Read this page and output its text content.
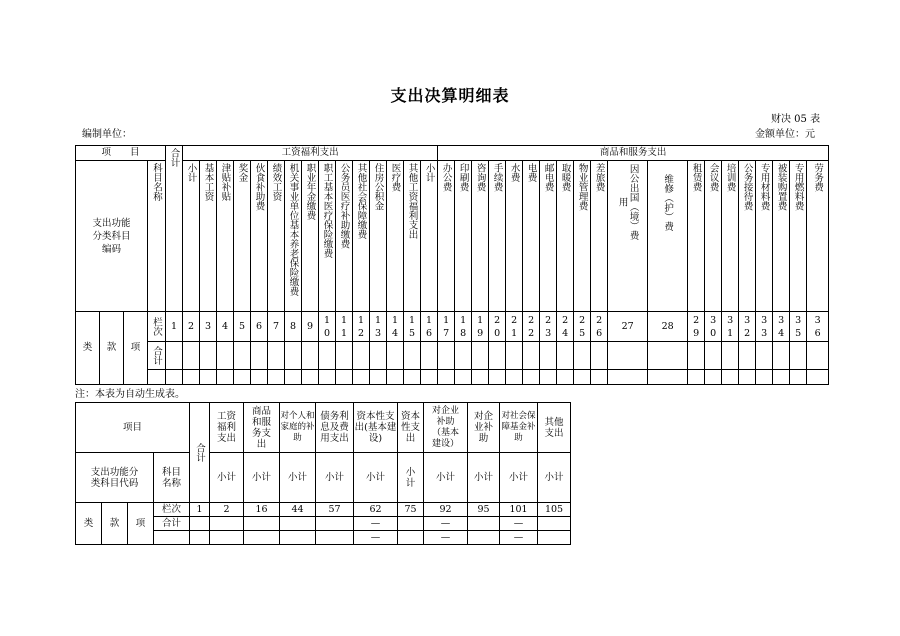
支出决算明细表
财决 05 表
编制单位：	金额单位：元
项　　目				合计	工资福利支出															商品和服务支出																			

支出功能分类科目编码			科目名称		小计	基本工资	津贴补贴	奖金	伙食补助费	绩效工资	机关事业单位基本养老保险缴费	职业年金缴费	职工基本医疗保险缴费	公务员医疗补助缴费	其他社会保障缴费	住房公积金	医疗费	其他工资福利支出	小计	办公费	印刷费	咨询费	手续费	水费	电费	邮电费	取暖费	物业管理费	差旅费	因公出国（境）费用	维修（护）费	租赁费	会议费	培训费	公务接待费	专用材料费	被装购置费	专用燃料费	劳务费

类	款	项	栏次	1	2	3	4	5	6	7	8	9	10	11	12	13	14	15	16	17	18	19	20	21	22	23	24	25	26	27	28	29	30	31	32	33	34	35	36

			合计																																				

注：本表为自动生成表。
项目				合计	工资福利支出	商品和服务支出	对个人和家庭的补助	债务利息及费用支出	资本性支出(基本建设)	资本性支出	对企业补助（基本建设）	对企业补助	对社会保障基金补助	其他支出

支出功能分类科目代码			科目名称		小计	小计	小计	小计	小计	小计	小计	小计	小计	小计
类	款	项	栏次	1	2	16	44	57	62	75	92	95	101	105
			合计						—		—		—	
									—		—		—	
